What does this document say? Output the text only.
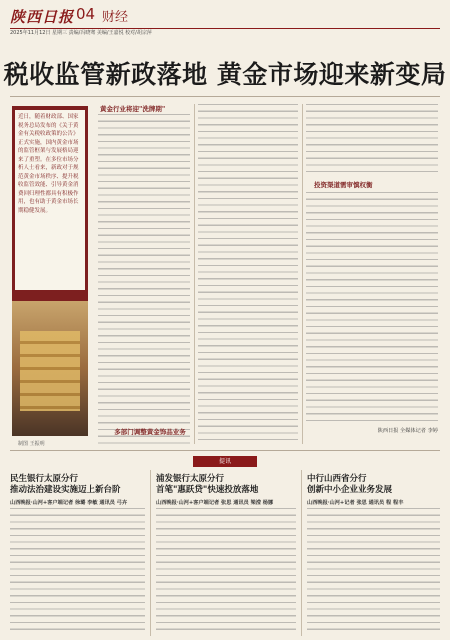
陕西日报 04 财经
2025年11月12日 星期三 责编/冯晓骞 美编/王嘉悦 校对/胡宗萍
税收监管新政落地 黄金市场迎来新变局
近日，随着财政部、国家税务总局发布的《关于黄金有关税收政策的公告》正式实施，国内黄金市场的监管框架与发展格局迎来了重塑。在多位市场分析人士看来，新政对于规范黄金市场秩序、提升税收监管效能、引导黄金消费回归理性都具有积极作用，也有助于黄金市场长期稳健发展。
制图 王振明
黄金行业将迎"洗牌期"
投资渠道需审慎权衡
多部门调整黄金饰品业务	陕西日报 全媒体记者 李婷
提讯
民生银行太原分行
推动法治建设实施迈上新台阶
山西晚报·山河+客户端记者 徐璐 李敏 通讯员 弓卉
浦发银行太原分行
首笔"惠跃贷"快速投放落地
山西晚报·山河+客户端记者 张思 通讯员 梁滢 杨娜
中行山西省分行
创新中小企业业务发展
山西晚报·山河+记者 张思 通讯员 程 程丰
